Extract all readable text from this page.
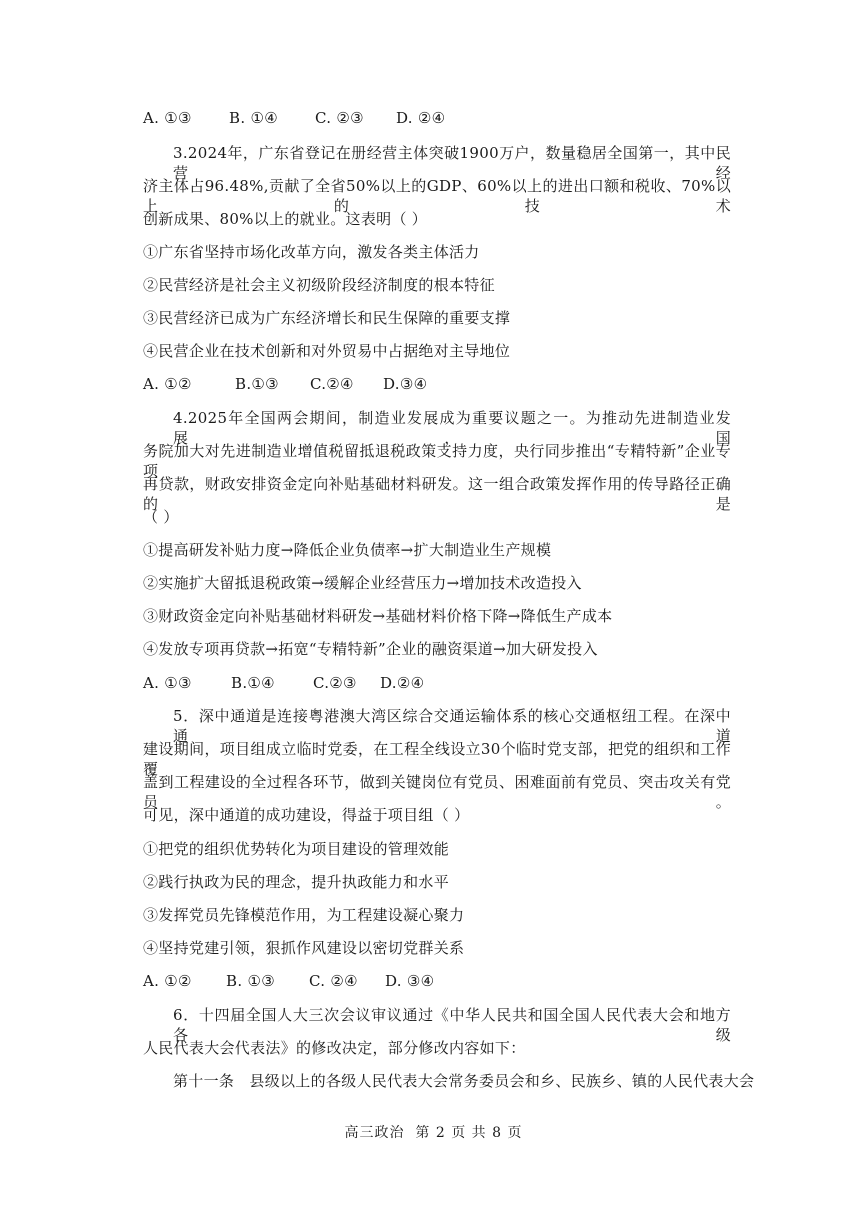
A. ①③	B. ①④	C. ②③	D. ②④
3.2024年，广东省登记在册经营主体突破1900万户，数量稳居全国第一，其中民营经
济主体占96.48%,贡献了全省50%以上的GDP、60%以上的进出口额和税收、70%以上的技术
创新成果、80%以上的就业。这表明（ ）
①广东省坚持市场化改革方向，激发各类主体活力
②民营经济是社会主义初级阶段经济制度的根本特征
③民营经济已成为广东经济增长和民生保障的重要支撑
④民营企业在技术创新和对外贸易中占据绝对主导地位
A. ①②	B.①③	C.②④	D.③④
4.2025年全国两会期间，制造业发展成为重要议题之一。为推动先进制造业发展，国
务院加大对先进制造业增值税留抵退税政策支持力度，央行同步推出“专精特新”企业专项
再贷款，财政安排资金定向补贴基础材料研发。这一组合政策发挥作用的传导路径正确的是
（ ）
①提高研发补贴力度→降低企业负债率→扩大制造业生产规模
②实施扩大留抵退税政策→缓解企业经营压力→增加技术改造投入
③财政资金定向补贴基础材料研发→基础材料价格下降→降低生产成本
④发放专项再贷款→拓宽“专精特新”企业的融资渠道→加大研发投入
A. ①③	B.①④	C.②③	D.②④
5．深中通道是连接粤港澳大湾区综合交通运输体系的核心交通枢纽工程。在深中通道
建设期间，项目组成立临时党委，在工程全线设立30个临时党支部，把党的组织和工作覆
盖到工程建设的全过程各环节，做到关键岗位有党员、困难面前有党员、突击攻关有党员。
可见，深中通道的成功建设，得益于项目组（ ）
①把党的组织优势转化为项目建设的管理效能
②践行执政为民的理念，提升执政能力和水平
③发挥党员先锋模范作用，为工程建设凝心聚力
④坚持党建引领，狠抓作风建设以密切党群关系
A. ①②	B. ①③	C. ②④	D. ③④
6．十四届全国人大三次会议审议通过《中华人民共和国全国人民代表大会和地方各级
人民代表大会代表法》的修改决定，部分修改内容如下：
第十一条   县级以上的各级人民代表大会常务委员会和乡、民族乡、镇的人民代表大会
高三政治  第 2 页 共 8 页
